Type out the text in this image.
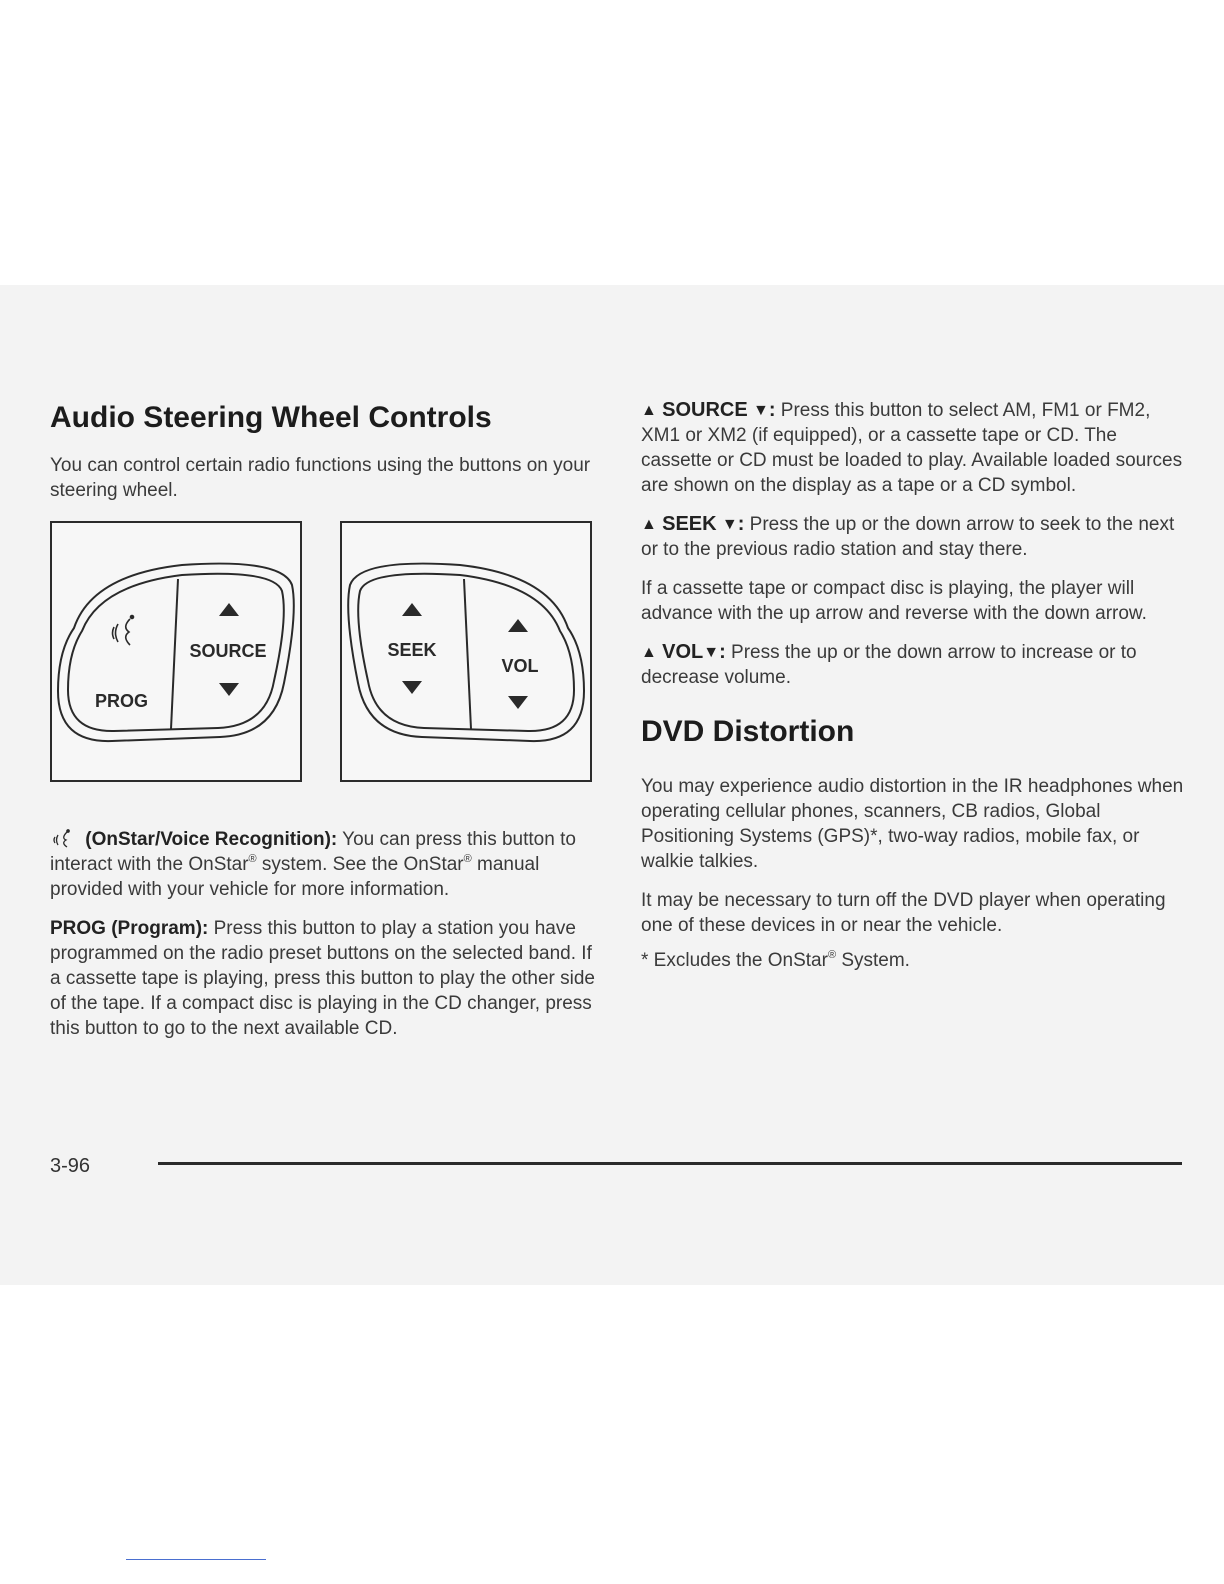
Audio Steering Wheel Controls

You can control certain radio functions using the buttons on your steering wheel.

PROG
SOURCE	SEEK
VOL

(OnStar/Voice Recognition): You can press this button to interact with the OnStar® system. See the OnStar® manual provided with your vehicle for more information.

PROG (Program): Press this button to play a station you have programmed on the radio preset buttons on the selected band. If a cassette tape is playing, press this button to play the other side of the tape. If a compact disc is playing in the CD changer, press this button to go to the next available CD.

▲ SOURCE ▼: Press this button to select AM, FM1 or FM2, XM1 or XM2 (if equipped), or a cassette tape or CD. The cassette or CD must be loaded to play. Available loaded sources are shown on the display as a tape or a CD symbol.

▲ SEEK ▼: Press the up or the down arrow to seek to the next or to the previous radio station and stay there.

If a cassette tape or compact disc is playing, the player will advance with the up arrow and reverse with the down arrow.

▲ VOL▼: Press the up or the down arrow to increase or to decrease volume.

DVD Distortion

You may experience audio distortion in the IR headphones when operating cellular phones, scanners, CB radios, Global Positioning Systems (GPS)*, two-way radios, mobile fax, or walkie talkies.

It may be necessary to turn off the DVD player when operating one of these devices in or near the vehicle.

* Excludes the OnStar® System.

3-96
